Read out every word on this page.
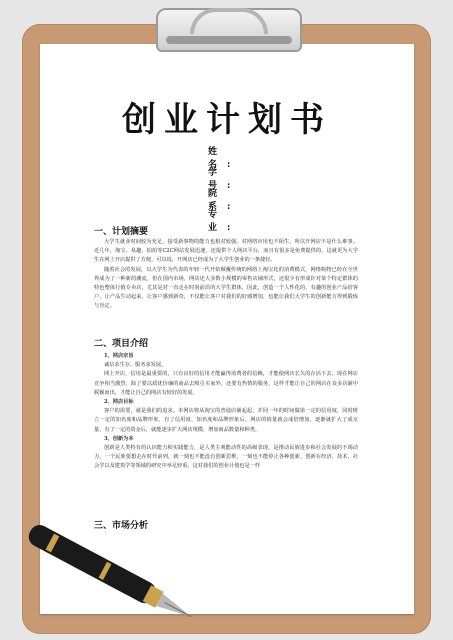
创业计划书
姓名:
学号:
院系:
专业:
一、计划摘要

大学生就业时间较为充足，接受新事物的能力也相对较强，对网络应用也不陌生，所以开网店不是什么难事。近几年，淘宝、易趣、拍拍等C2C网站发展迅速，还提供个人网店平台，而且有很多是免费提供的，这就更为大学生在网上开店提供了方便。可以说，开网店已经成为了大学生创业的一条捷径。

随着社会的发展，以大学生为代表的年轻一代开始颠覆传统的网络上淘宝化的消费模式，网络购物已经在全世界成为了一种新的潮流，但在国内市场，网店还大多数小规模的零售店铺形式，还很少有形成针对某个特定群体的特色整体行销专卖店，尤其是对一直走在时尚前沿的大学生群体，因此，创造一个人性化的，有趣的创业产品给客户，让产品生动起来，让客户感到新奇，不仅能让客户对我们的好感增加，也能让我们大学生的创新能力得到锻炼与肯定。

二、项目介绍
1、网店宗旨

诚信求生存，服务求发展。

网上开店，信用是最重要的，只有良好的信用才能赢得消费者的信赖，才能使网店长久的存活下去，现在网店竞争相当激烈，除了要以质优价廉的商品去吸引买家外，还要有热情的服务，这样才能让自己的网店在众多店铺中脱颖而出，才能让自己的网店有较好的发展。

2、网店目标

客户的需要，就是我们的追求。本网店将从淘宝的普通店铺起起，并同一年的时间做第一定的信用度，同时树立一定的知名度和品牌形象，有了信用度、知名度和品牌形象后，网店的销量就会成倍增加，逐渐就扩大了成交量，有了一定的资金后，就能逐步扩大网店规模，增加商品数量和种类。

3、创新为本

创新是人类特有的认识能力和实践能力，是人类主观能动性的高级表现，是推动民族进步和社会发展的不竭动力，一个民族要想走在时代前列，就一刻也不能没有创新思维，一刻也不能停止各种创新。创新在经济、技术、社会学以及建筑学等领域的研究中举足轻重。这对我们的创业计划也是一样

三、市场分析
